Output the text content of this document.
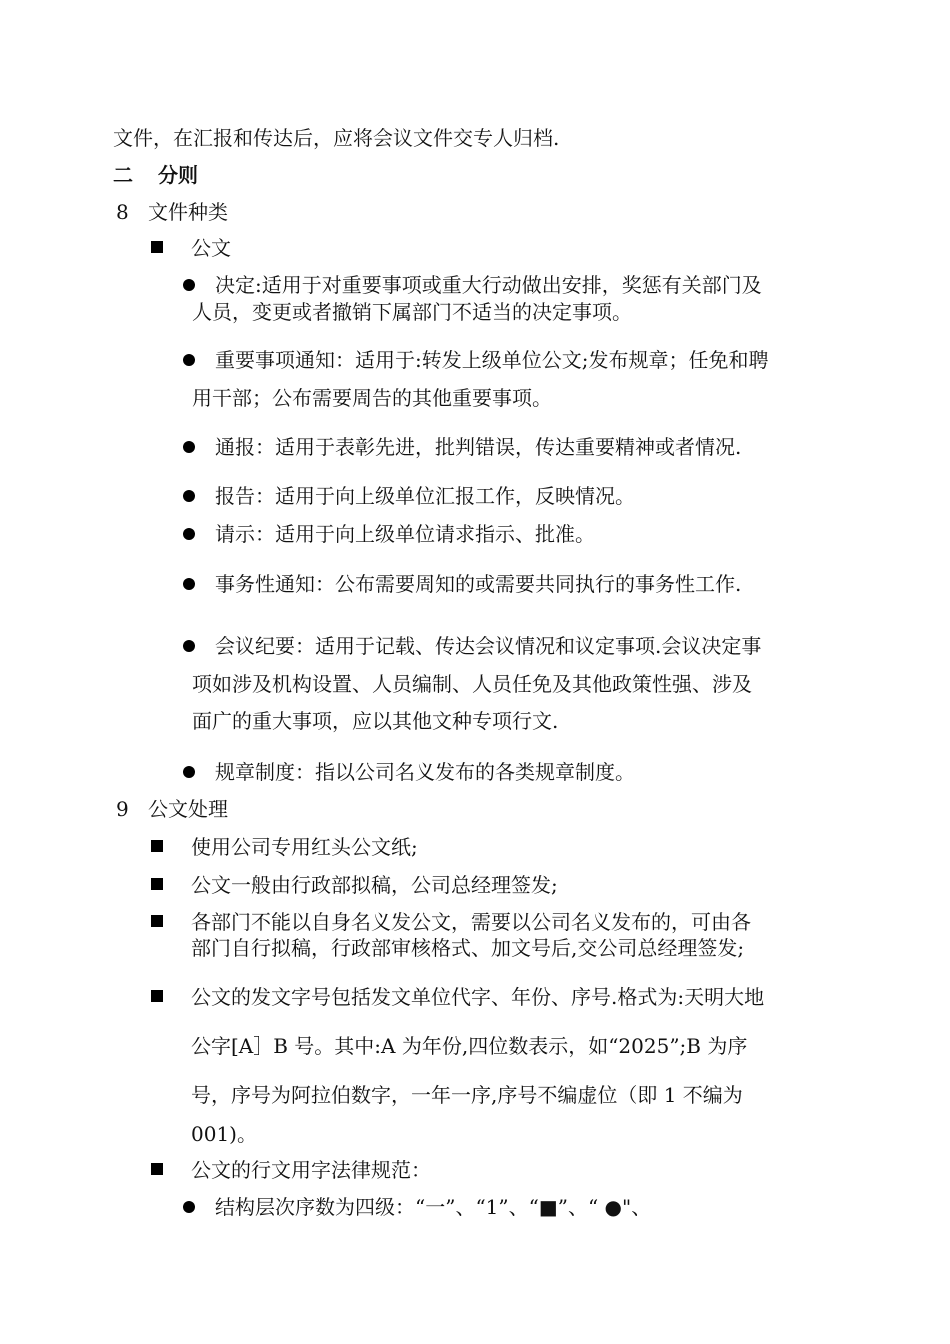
文件，在汇报和传达后，应将会议文件交专人归档.
二 分则
8 文件种类
公文
决定:适用于对重要事项或重大行动做出安排，奖惩有关部门及
人员，变更或者撤销下属部门不适当的决定事项。
重要事项通知：适用于:转发上级单位公文;发布规章；任免和聘
用干部；公布需要周告的其他重要事项。
通报：适用于表彰先进，批判错误，传达重要精神或者情况.
报告：适用于向上级单位汇报工作，反映情况。
请示：适用于向上级单位请求指示、批准。
事务性通知：公布需要周知的或需要共同执行的事务性工作.
会议纪要：适用于记载、传达会议情况和议定事项.会议决定事
项如涉及机构设置、人员编制、人员任免及其他政策性强、涉及
面广的重大事项，应以其他文种专项行文.
规章制度：指以公司名义发布的各类规章制度。
9 公文处理
使用公司专用红头公文纸;
公文一般由行政部拟稿，公司总经理签发;
各部门不能以自身名义发公文，需要以公司名义发布的，可由各
部门自行拟稿，行政部审核格式、加文号后,交公司总经理签发;
公文的发文字号包括发文单位代字、年份、序号.格式为:天明大地
公字[A］B 号。其中:A 为年份,四位数表示，如“2025”;B 为序
号，序号为阿拉伯数字，一年一序,序号不编虚位（即 1 不编为
001)。
公文的行文用字法律规范：
结构层次序数为四级：“一”、“1”、“■”、“ ●"、
